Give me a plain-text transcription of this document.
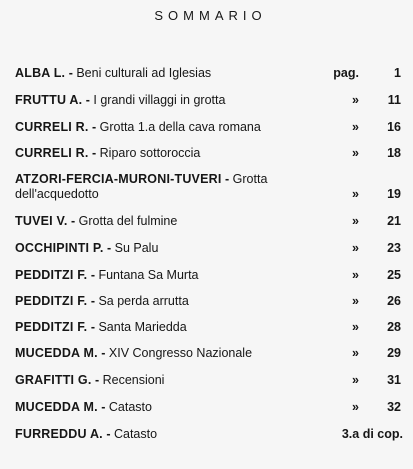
SOMMARIO
ALBA L. - Beni culturali ad Iglesias	pag.	1
FRUTTU A. - I grandi villaggi in grotta	» 11
CURRELI R. - Grotta 1.a della cava romana	» 16
CURRELI R. - Riparo sottoroccia	» 18
ATZORI-FERCIA-MURONI-TUVERI - Grotta
dell'acquedotto	» 19
TUVEI V. - Grotta del fulmine	» 21
OCCHIPINTI P. - Su Palu	» 23
PEDDITZI F. - Funtana Sa Murta	» 25
PEDDITZI F. - Sa perda arrutta	» 26
PEDDITZI F. - Santa Mariedda	» 28
MUCEDDA M. - XIV Congresso Nazionale	» 29
GRAFITTI G. - Recensioni	» 31
MUCEDDA M. - Catasto	» 32
FURREDDU A. - Catasto	3.a di cop.
